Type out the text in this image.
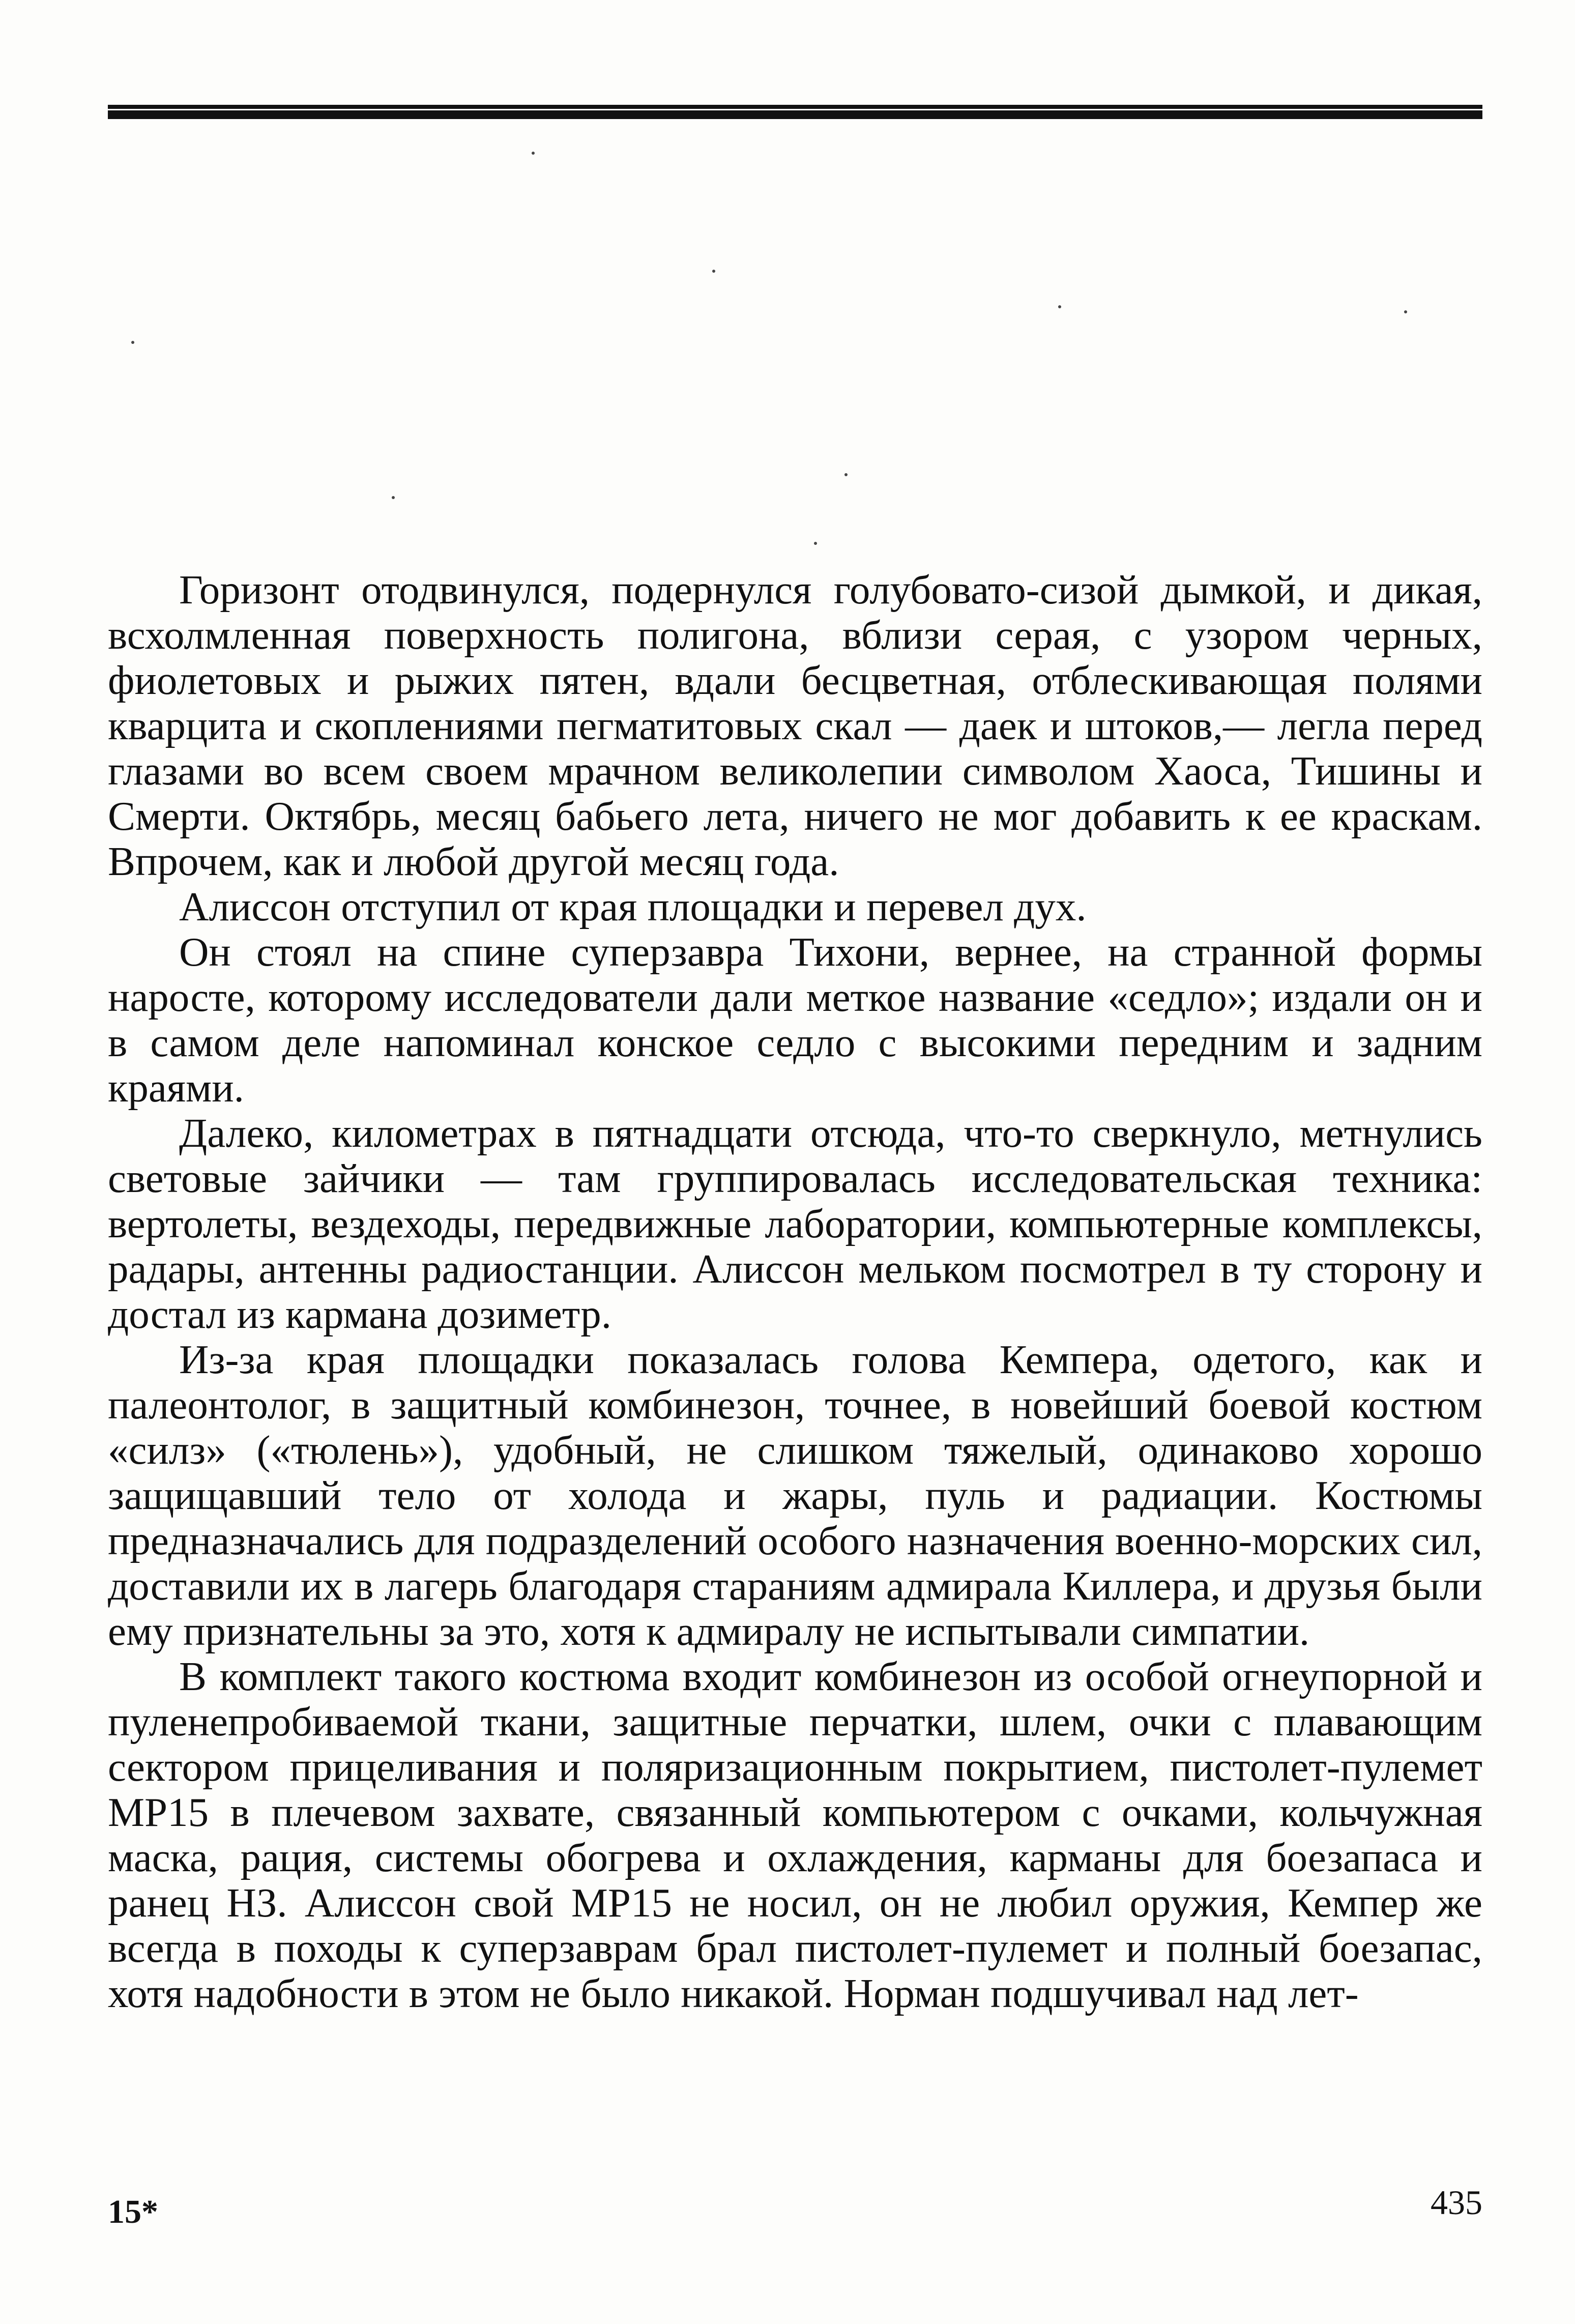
Горизонт отодвинулся, подернулся голубовато-сизой дымкой, и дикая, всхолмленная поверхность полигона, вблизи серая, с узором черных, фиолетовых и рыжих пятен, вдали бесцветная, отблескивающая полями кварцита и скоплениями пегматитовых скал — даек и штоков,— легла перед глазами во всем своем мрачном великолепии символом Хаоса, Тишины и Смерти. Октябрь, месяц бабьего лета, ничего не мог добавить к ее краскам. Впрочем, как и любой другой месяц года.

Алиссон отступил от края площадки и перевел дух.

Он стоял на спине суперзавра Тихони, вернее, на странной формы наросте, которому исследователи дали меткое название «седло»; издали он и в самом деле напоминал конское седло с высокими передним и задним краями.

Далеко, километрах в пятнадцати отсюда, что-то сверкнуло, метнулись световые зайчики — там группировалась исследовательская техника: вертолеты, вездеходы, передвижные лаборатории, компьютерные комплексы, радары, антенны радиостанции. Алиссон мельком посмотрел в ту сторону и достал из кармана дозиметр.

Из-за края площадки показалась голова Кемпера, одетого, как и палеонтолог, в защитный комбинезон, точнее, в новейший боевой костюм «силз» («тюлень»), удобный, не слишком тяжелый, одинаково хорошо защищавший тело от холода и жары, пуль и радиации. Костюмы предназначались для подразделений особого назначения военно-морских сил, доставили их в лагерь благодаря стараниям адмирала Киллера, и друзья были ему признательны за это, хотя к адмиралу не испытывали симпатии.

В комплект такого костюма входит комбинезон из особой огнеупорной и пуленепробиваемой ткани, защитные перчатки, шлем, очки с плавающим сектором прицеливания и поляризационным покрытием, пистолет-пулемет МР15 в плечевом захвате, связанный компьютером с очками, кольчужная маска, рация, системы обогрева и охлаждения, карманы для боезапаса и ранец НЗ. Алиссон свой МР15 не носил, он не любил оружия, Кемпер же всегда в походы к суперзаврам брал пистолет-пулемет и полный боезапас, хотя надобности в этом не было никакой. Норман подшучивал над лет-

15*	435
